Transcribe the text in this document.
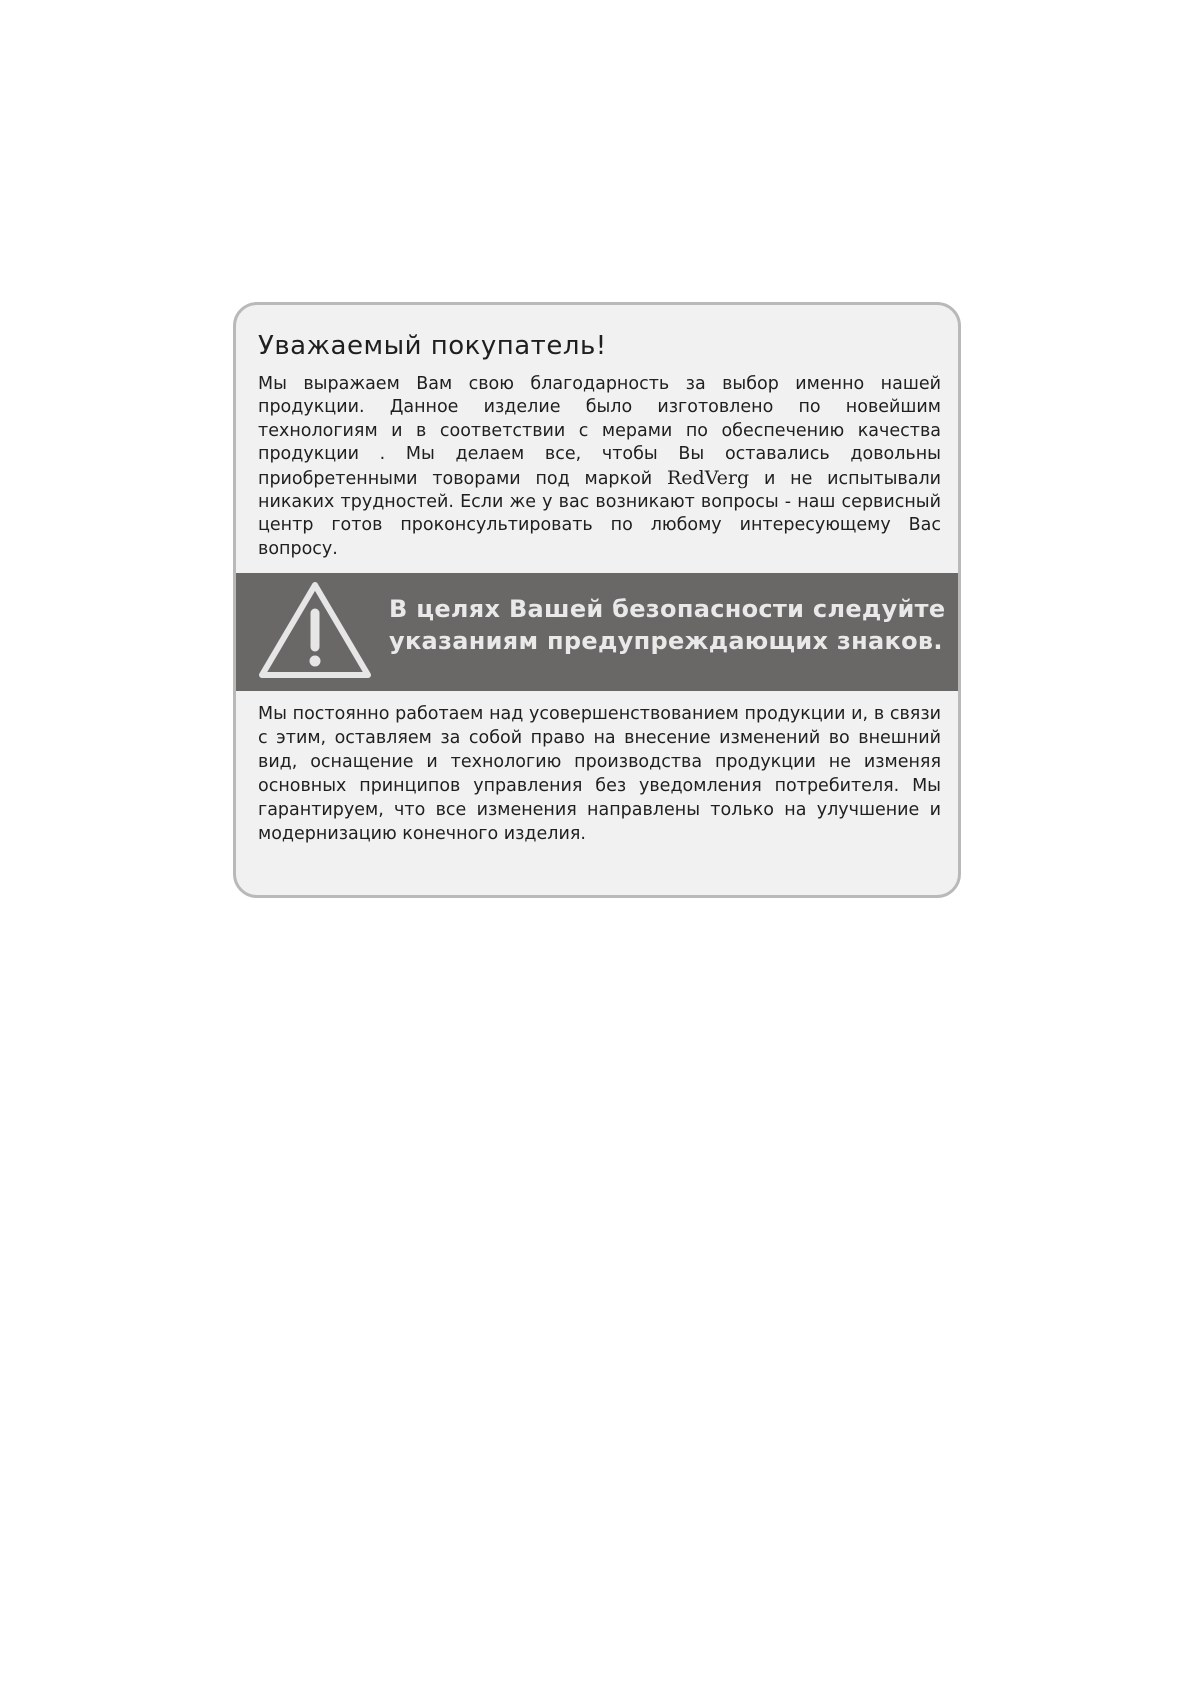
Уважаемый покупатель!

Мы выражаем Вам свою благодарность за выбор именно нашей продукции. Данное изделие было изготовлено по новейшим технологиям и в соответствии с мерами по обеспечению качества продукции . Мы делаем все, чтобы Вы оставались довольны приобретенными товорами под маркой RedVerg и не испытывали никаких трудностей. Если же у вас возникают вопросы - наш сервисный центр готов проконсультировать по любому интересующему Вас вопросу.

В целях Вашей безопасности следуйте
указаниям предупреждающих знаков.

Мы постоянно работаем над усовершенствованием продукции и, в связи с этим, оставляем за собой право на внесение изменений во внешний вид, оснащение и технологию производства продукции не изменяя основных принципов управления без уведомления потребителя. Мы гарантируем, что все изменения направлены только на улучшение и модернизацию конечного изделия.
